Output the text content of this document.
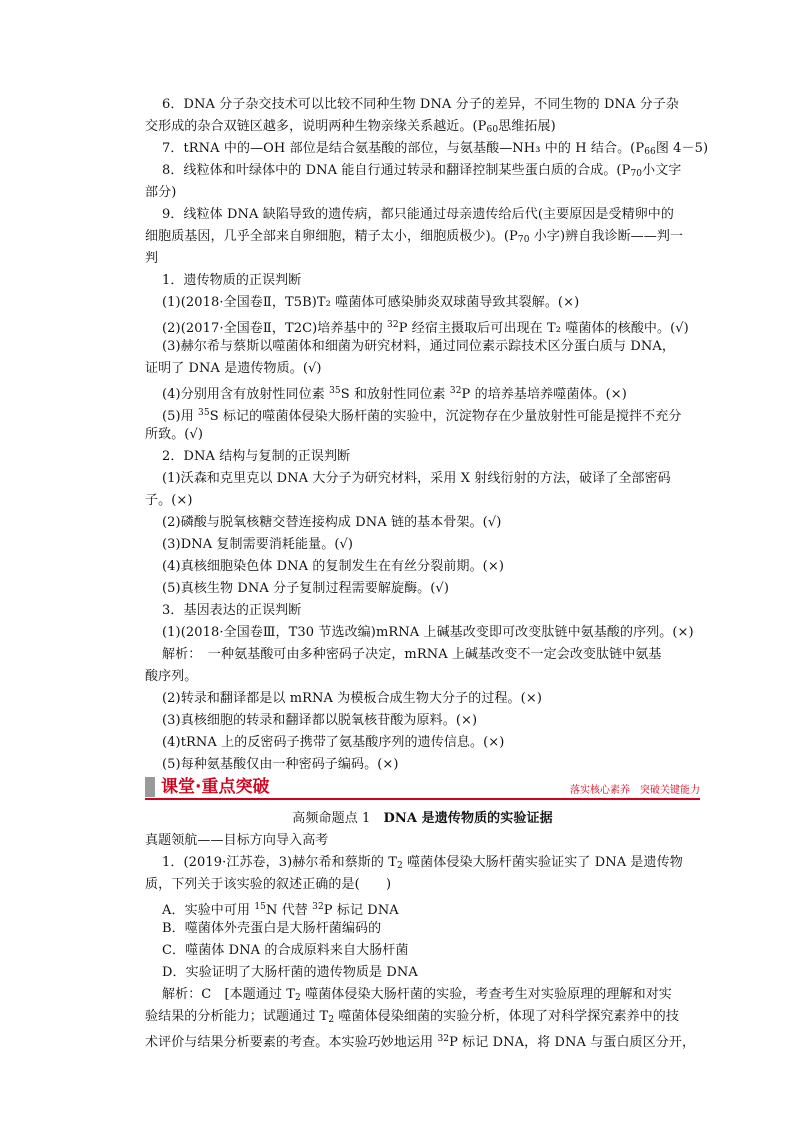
6．DNA 分子杂交技术可以比较不同种生物 DNA 分子的差异，不同生物的 DNA 分子杂
交形成的杂合双链区越多，说明两种生物亲缘关系越近。($P_{60}$思维拓展)
7．tRNA 中的—OH 部位是结合氨基酸的部位，与氨基酸—NH₃ 中的 H 结合。($P_{66}$图 4－5)
8．线粒体和叶绿体中的 DNA 能自行通过转录和翻译控制某些蛋白质的合成。($P_{70}$小文字
部分)
9．线粒体 DNA 缺陷导致的遗传病，都只能通过母亲遗传给后代(主要原因是受精卵中的
细胞质基因，几乎全部来自卵细胞，精子太小，细胞质极少)。($P_{70}$ 小字)辨自我诊断——判一
判
1．遗传物质的正误判断
(1)(2018·全国卷Ⅱ，T5B)T₂ 噬菌体可感染肺炎双球菌导致其裂解。(×)
(2)(2017·全国卷Ⅱ，T2C)培养基中的 $^{32}$P 经宿主摄取后可出现在 T₂ 噬菌体的核酸中。(√)
(3)赫尔希与蔡斯以噬菌体和细菌为研究材料，通过同位素示踪技术区分蛋白质与 DNA，
证明了 DNA 是遗传物质。(√)
(4)分别用含有放射性同位素 $^{35}$S 和放射性同位素 $^{32}$P 的培养基培养噬菌体。(×)
(5)用 $^{35}$S 标记的噬菌体侵染大肠杆菌的实验中，沉淀物存在少量放射性可能是搅拌不充分
所致。(√)
2．DNA 结构与复制的正误判断
(1)沃森和克里克以 DNA 大分子为研究材料，采用 X 射线衍射的方法，破译了全部密码
子。(×)
(2)磷酸与脱氧核糖交替连接构成 DNA 链的基本骨架。(√)
(3)DNA 复制需要消耗能量。(√)
(4)真核细胞染色体 DNA 的复制发生在有丝分裂前期。(×)
(5)真核生物 DNA 分子复制过程需要解旋酶。(√)
3．基因表达的正误判断
(1)(2018·全国卷Ⅲ，T30 节选改编)mRNA 上碱基改变即可改变肽链中氨基酸的序列。(×)
解析：　一种氨基酸可由多种密码子决定，mRNA 上碱基改变不一定会改变肽链中氨基
酸序列。
(2)转录和翻译都是以 mRNA 为模板合成生物大分子的过程。(×)
(3)真核细胞的转录和翻译都以脱氧核苷酸为原料。(×)
(4)tRNA 上的反密码子携带了氨基酸序列的遗传信息。(×)
课堂·重点突破	落实核心素养　突破关键能力
高频命题点 1　DNA 是遗传物质的实验证据
真题领航——目标方向导入高考
1．(2019·江苏卷，3)赫尔希和蔡斯的 $T_2$ 噬菌体侵染大肠杆菌实验证实了 DNA 是遗传物
质，下列关于该实验的叙述正确的是(　　)
A．实验中可用 $^{15}$N 代替 $^{32}$P 标记 DNA
B．噬菌体外壳蛋白是大肠杆菌编码的
C．噬菌体 DNA 的合成原料来自大肠杆菌
D．实验证明了大肠杆菌的遗传物质是 DNA
解析：C　[本题通过 $T_2$ 噬菌体侵染大肠杆菌的实验，考查考生对实验原理的理解和对实
验结果的分析能力；试题通过 $T_2$ 噬菌体侵染细菌的实验分析，体现了对科学探究素养中的技
术评价与结果分析要素的考查。本实验巧妙地运用 $^{32}$P 标记 DNA，将 DNA 与蛋白质区分开，
(5)每种氨基酸仅由一种密码子编码。(×)
